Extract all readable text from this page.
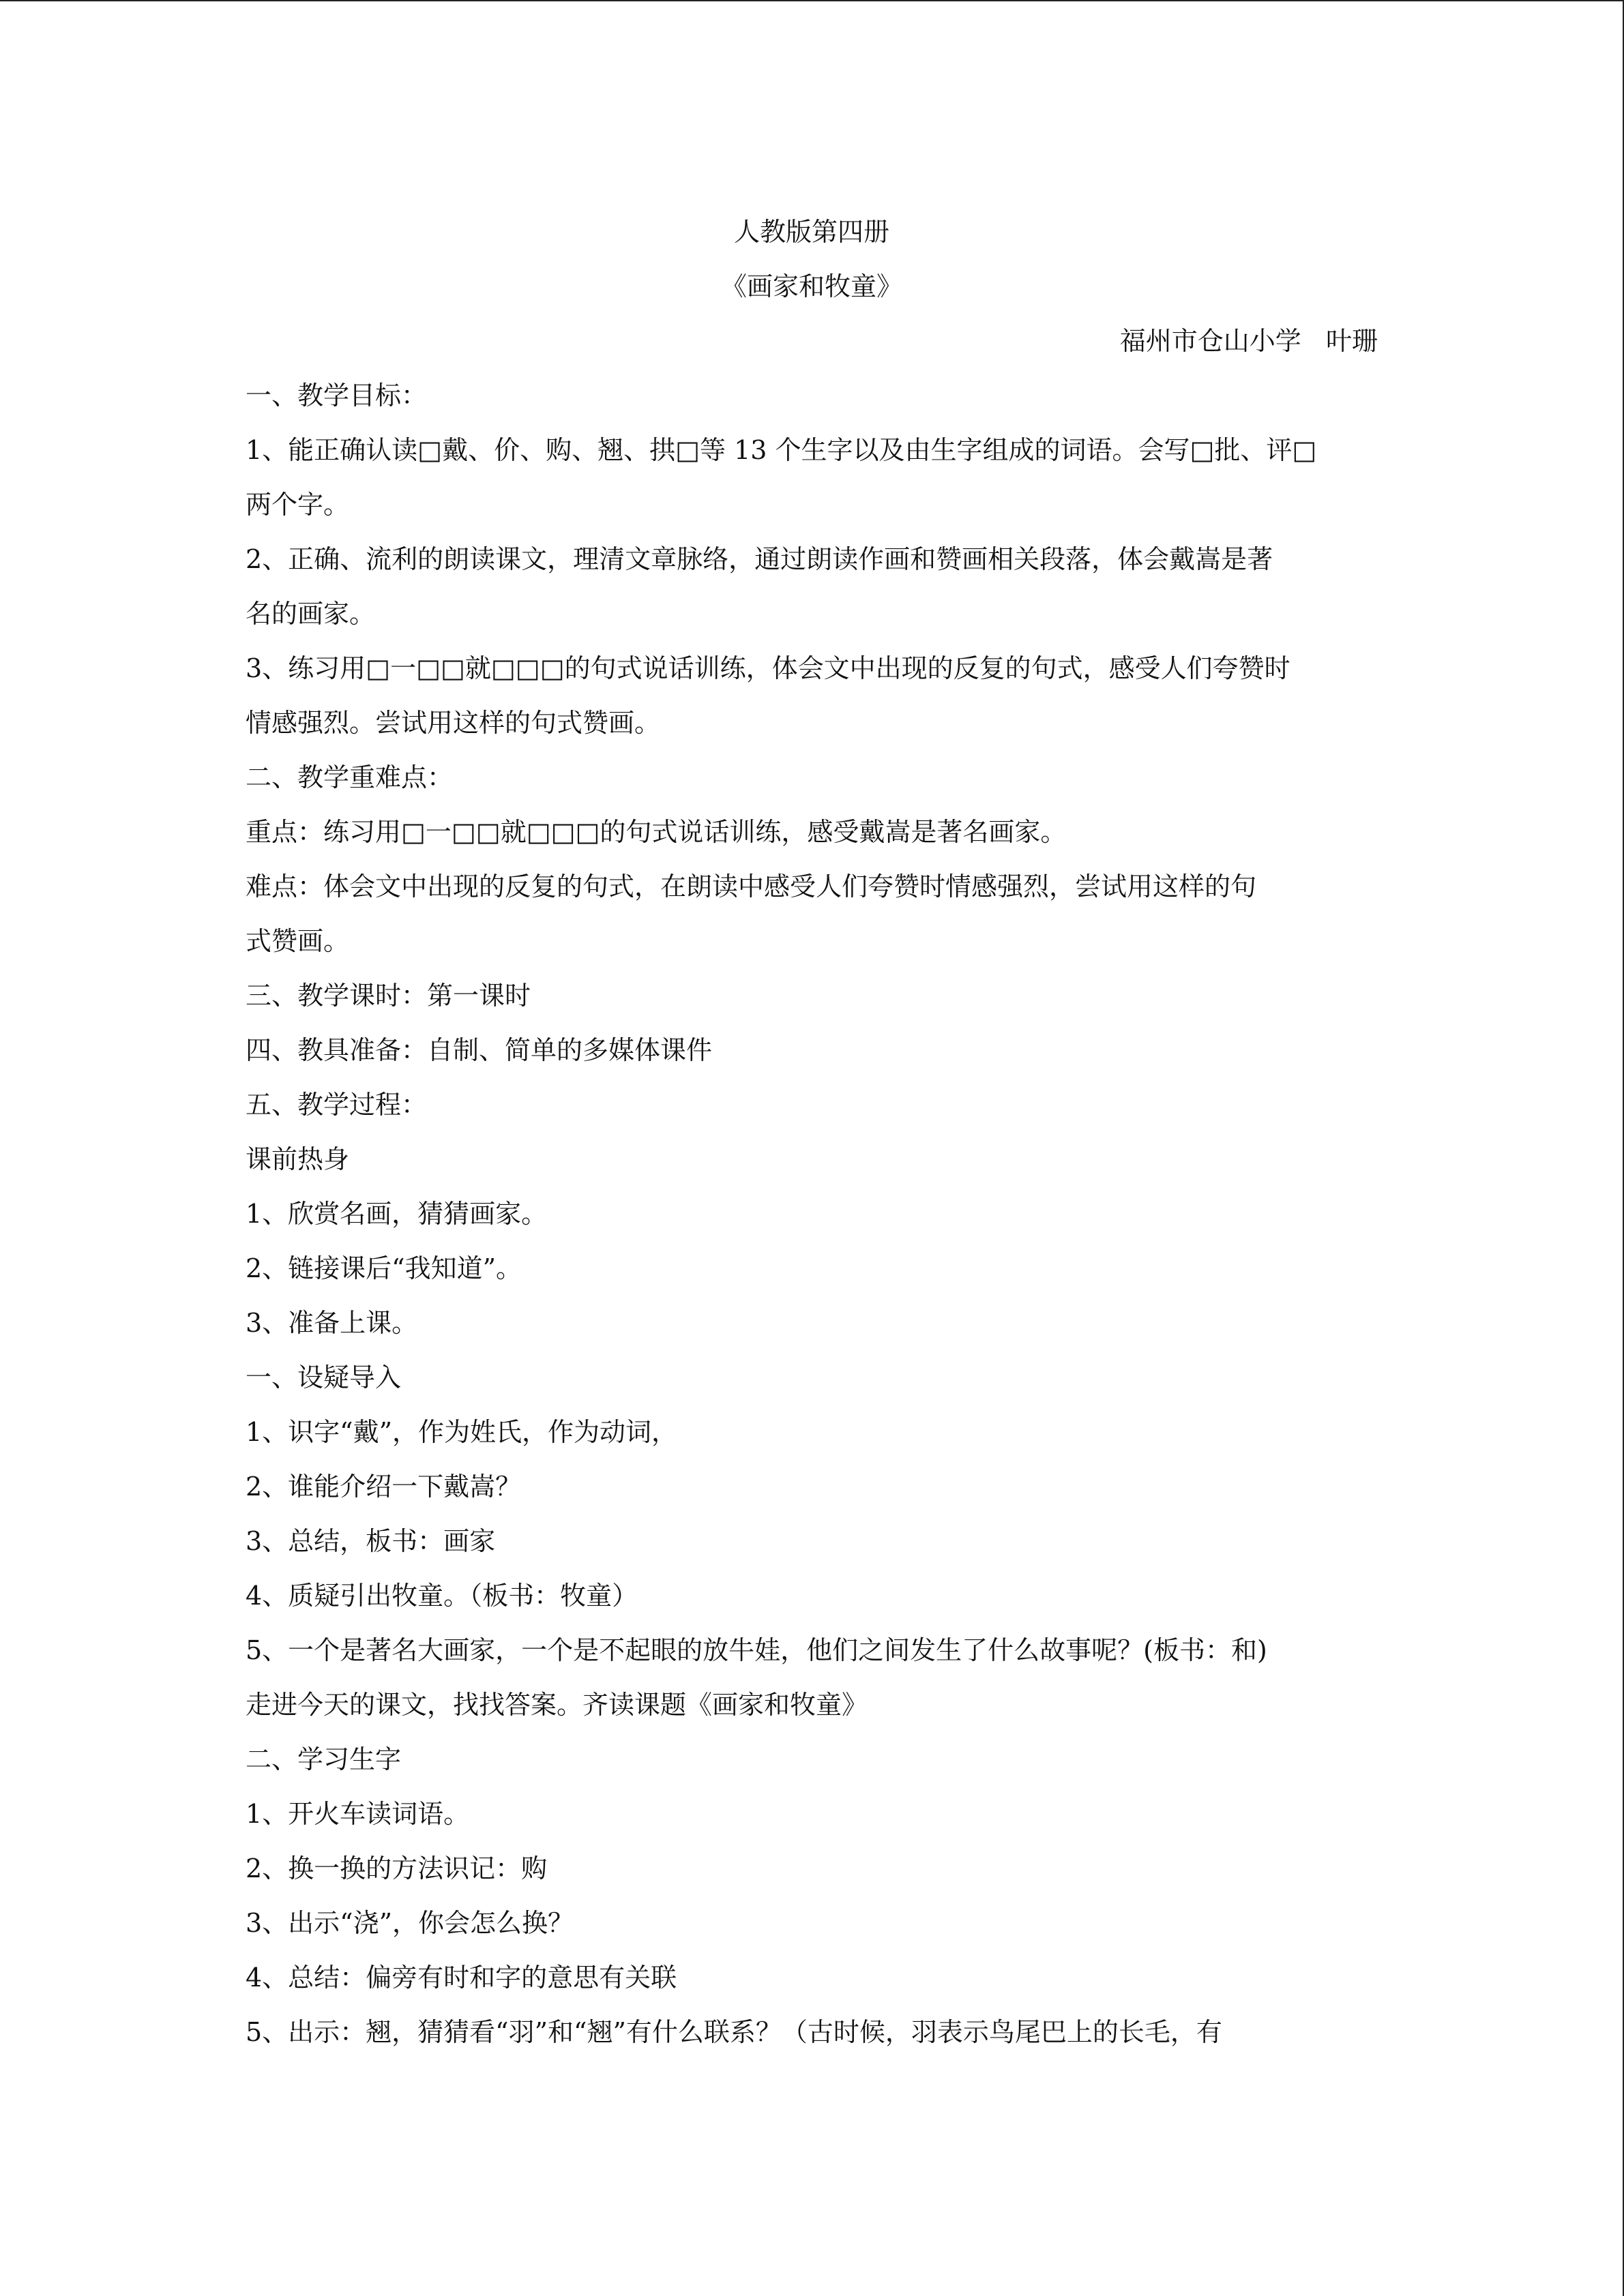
人教版第四册
《画家和牧童》
福州市仓山小学   叶珊
一、教学目标：
1、能正确认读□戴、价、购、翘、拱□等 13 个生字以及由生字组成的词语。会写□批、评□
两个字。
2、正确、流利的朗读课文，理清文章脉络，通过朗读作画和赞画相关段落，体会戴嵩是著
名的画家。
3、练习用□一□□就□□□的句式说话训练，体会文中出现的反复的句式，感受人们夸赞时
情感强烈。尝试用这样的句式赞画。
二、教学重难点：
重点：练习用□一□□就□□□的句式说话训练，感受戴嵩是著名画家。
难点：体会文中出现的反复的句式，在朗读中感受人们夸赞时情感强烈，尝试用这样的句
式赞画。
三、教学课时：第一课时
四、教具准备：自制、简单的多媒体课件
五、教学过程：
课前热身
1、欣赏名画，猜猜画家。
2、链接课后“我知道”。
3、准备上课。
一、设疑导入
1、识字“戴”，作为姓氏，作为动词，
2、谁能介绍一下戴嵩？
3、总结，板书：画家
4、质疑引出牧童。（板书：牧童）
5、一个是著名大画家，一个是不起眼的放牛娃，他们之间发生了什么故事呢？(板书：和)
走进今天的课文，找找答案。齐读课题《画家和牧童》
二、学习生字
1、开火车读词语。
2、换一换的方法识记：购
3、出示“浇”，你会怎么换？
4、总结：偏旁有时和字的意思有关联
5、出示：翘，猜猜看“羽”和“翘”有什么联系？（古时候，羽表示鸟尾巴上的长毛，有
